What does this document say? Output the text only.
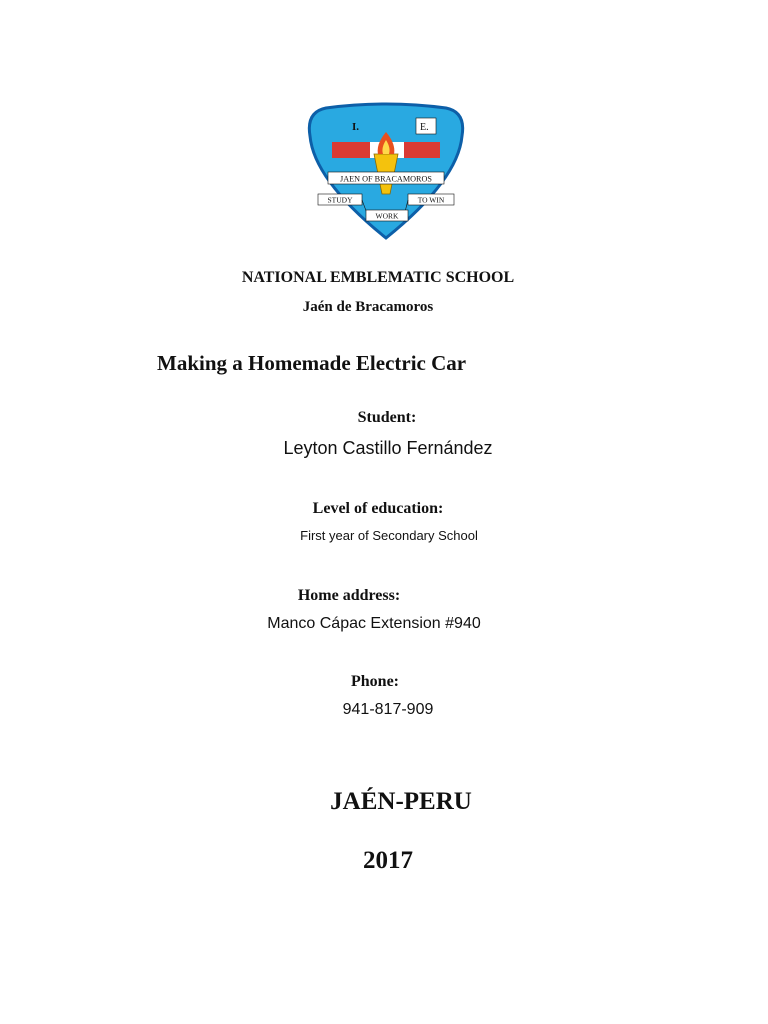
I.	E.
JAEN OF BRACAMOROS
STUDY	TO WIN
WORK
NATIONAL EMBLEMATIC SCHOOL
Jaén de Bracamoros
Making a Homemade Electric Car
Student:
Leyton Castillo Fernández
Level of education:
First year of Secondary School
Home address:
Manco Cápac Extension #940
Phone:
941-817-909
JAÉN-PERU
2017
